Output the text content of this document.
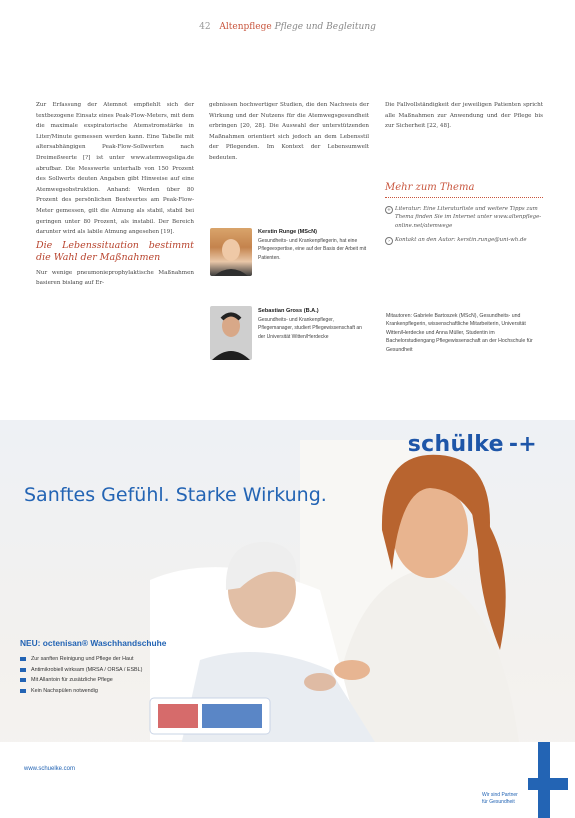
42 Altenpflege Pflege und Begleitung

Zur Erfassung der Atemnot empfiehlt sich der textbezogene Einsatz eines Peak-Flow-Meters, mit dem die maximale exspiratorische Atemstromstärke in Liter/Minute gemessen werden kann. Eine Tabelle mit altersabhängigen Peak-Flow-Sollwerten nach Dreimeßwerte [?] ist unter www.atemwegsliga.de abrufbar. Die Messwerte unterhalb von 150 Prozent des Sollwerts deuten Angaben gibt Hinweise auf eine Atemwegsobstruktion. Anhand: Werden über 80 Prozent des persönlichen Bestwertes am Peak-Flow-Meter gemessen, gilt die Atmung als stabil, stabil bei geringen unter 80 Prozent, als instabil. Der Bereich darunter wird als labile Atmung angesehen [19].

Die Lebenssituation bestimmt die Wahl der Maßnahmen

Nur wenige pneumonieprophylaktische Maßnahmen basieren bislang auf Er-

gebnissen hochwertiger Studien, die den Nachweis der Wirkung und der Nutzens für die Atemwegsgesundheit erbringen [20, 28]. Die Auswahl der unterstützenden Maßnahmen orientiert sich jedoch an dem Lebensstil der Pflegenden. Im Kontext der Lebensumwelt bedeuten.

Kerstin Runge (MScN)
Gesundheits- und Krankenpflegerin, hat eine Pflegeexpertise, eine auf der Basis der Arbeit mit Patienten.
Sebastian Gross (B.A.)
Gesundheits- und Krankenpfleger, Pflegemanager, studiert Pflegewissenschaft an der Universität Witten/Herdecke

Die Fallvollständigkeit der jeweiligen Patienten spricht alle Maßnahmen zur Anwendung und der Pflege bis zur Sicherheit [22, 48].

Mehr zum Thema
+ Literatur: Eine Literaturliste und weitere Tipps zum Thema finden Sie im Internet unter www.altenpflege-online.net/atemwege
› Kontakt an den Autor: kerstin.runge@uni-wh.de
Mitautoren: Gabriele Bartoszek (MScN), Gesundheits- und Krankenpflegerin, wissenschaftliche Mitarbeiterin, Universität Witten/Herdecke und Anna Müller, Studentin im Bachelorstudiengang Pflegewissenschaft an der Hochschule für Gesundheit
schülke -+
Sanftes Gefühl. Starke Wirkung.
NEU: octenisan® Waschhandschuhe
Zur sanften Reinigung und Pflege der Haut
Antimikrobiell wirksam (MRSA / ORSA / ESBL)
Mit Allantoin für zusätzliche Pflege
Kein Nachspülen notwendig
www.schuelke.com
Wir sind Partner
für Gesundheit
